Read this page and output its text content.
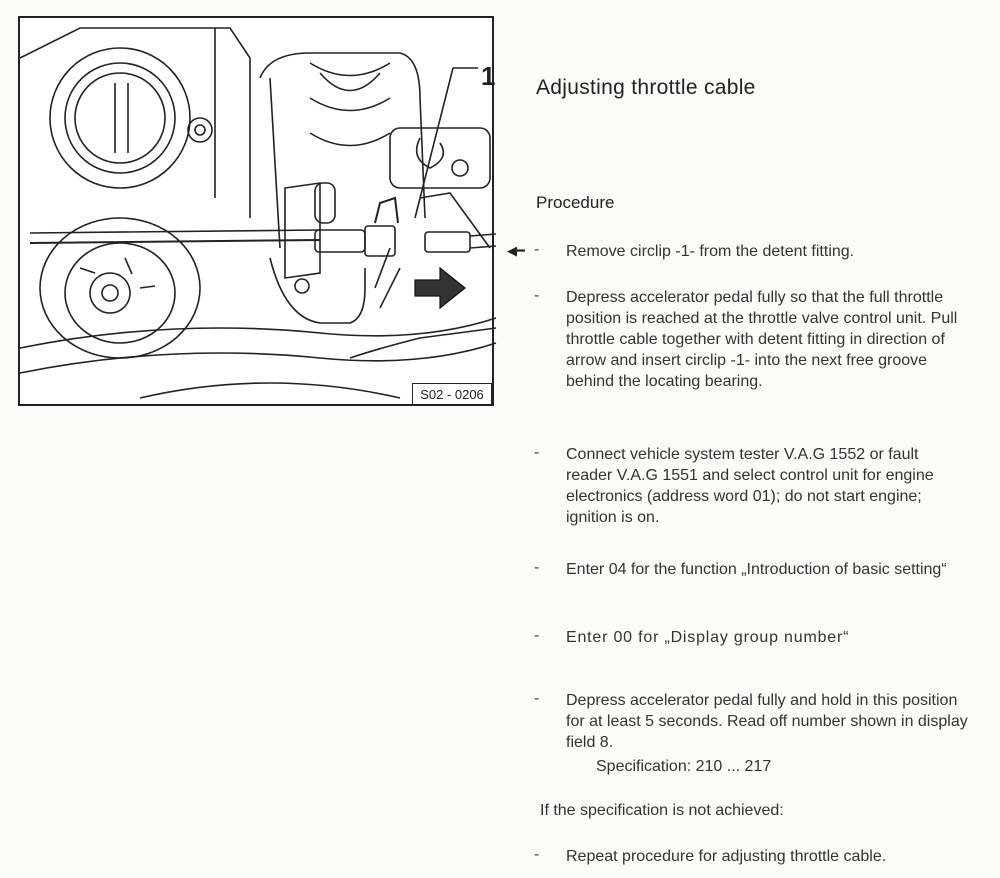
1
S02 - 0206
Adjusting throttle cable
Procedure
◀━ - Remove circlip -1- from the detent fitting.

- Depress accelerator pedal fully so that the full throttle position is reached at the throttle valve control unit. Pull throttle cable together with detent fitting in direction of arrow and insert circlip -1- into the next free groove behind the locating bearing.

- Connect vehicle system tester V.A.G 1552 or fault reader V.A.G 1551 and select control unit for engine electronics (address word 01); do not start engine; ignition is on.

- Enter 04 for the function „Introduction of basic setting“

- Enter 00 for „Display group number“

- Depress accelerator pedal fully and hold in this position for at least 5 seconds. Read off number shown in display field 8.

Specification: 210 ... 217
If the specification is not achieved:
- Repeat procedure for adjusting throttle cable.
